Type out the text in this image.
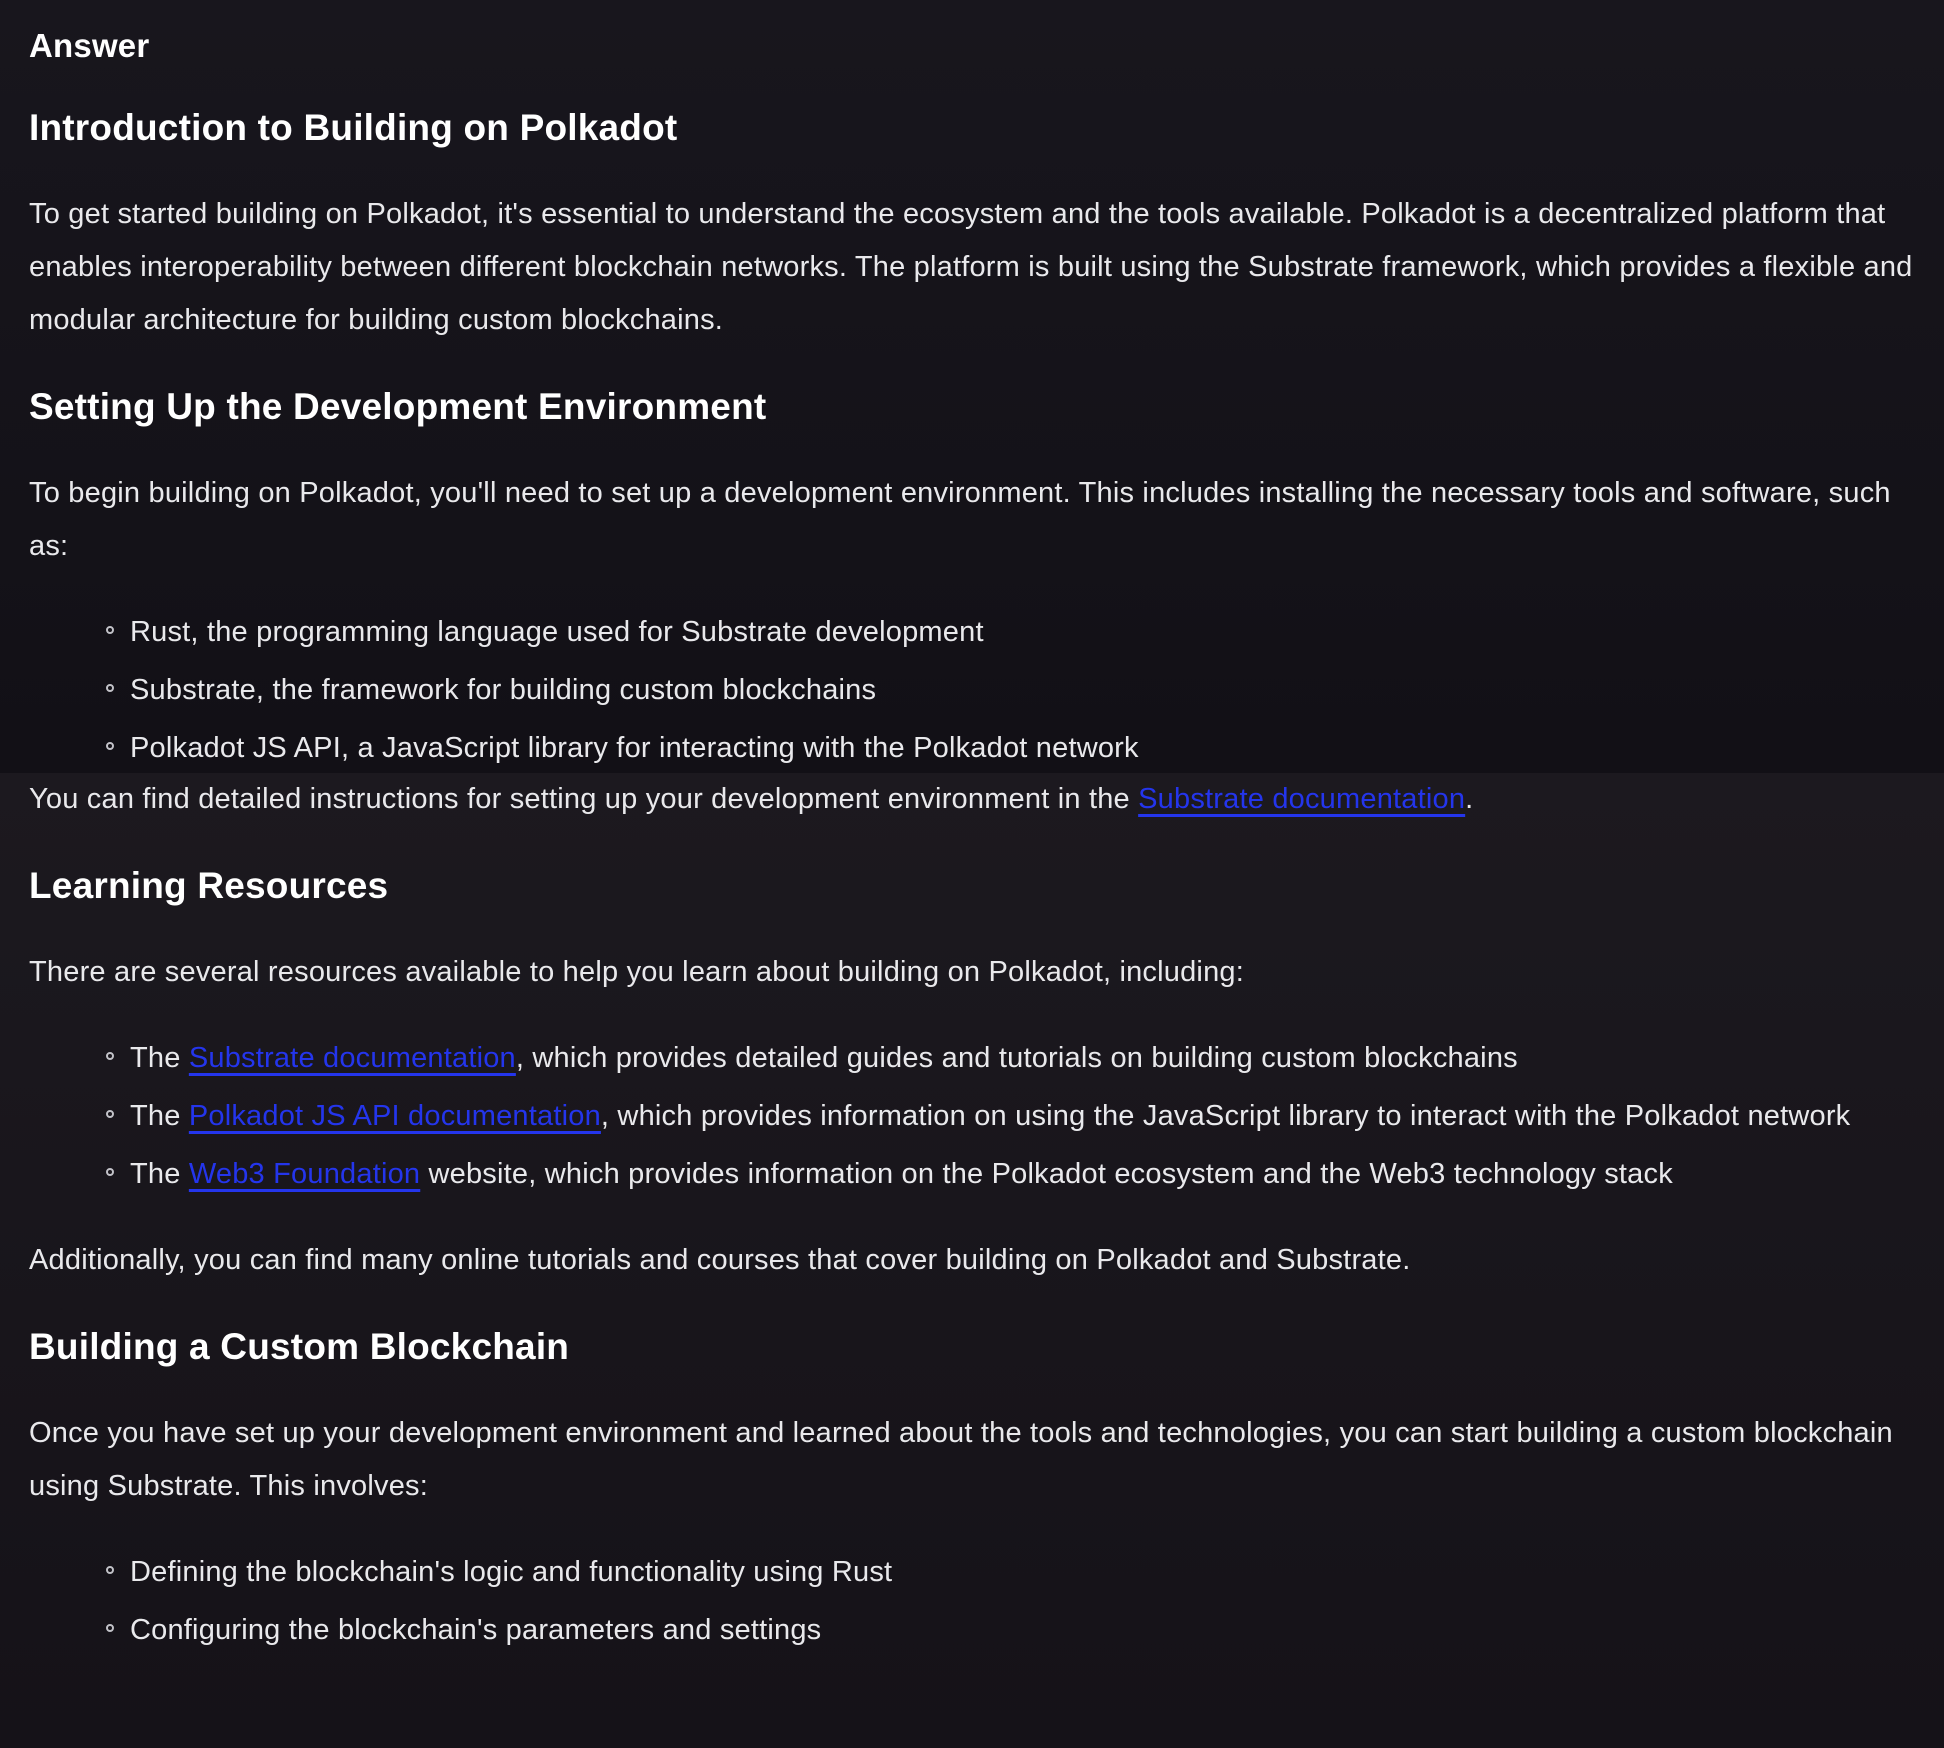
Answer
Introduction to Building on Polkadot

To get started building on Polkadot, it's essential to understand the ecosystem and the tools available. Polkadot is a decentralized platform that enables interoperability between different blockchain networks. The platform is built using the Substrate framework, which provides a flexible and modular architecture for building custom blockchains.

Setting Up the Development Environment

To begin building on Polkadot, you'll need to set up a development environment. This includes installing the necessary tools and software, such as:

Rust, the programming language used for Substrate development
Substrate, the framework for building custom blockchains
Polkadot JS API, a JavaScript library for interacting with the Polkadot network

You can find detailed instructions for setting up your development environment in the Substrate documentation.

Learning Resources

There are several resources available to help you learn about building on Polkadot, including:

The Substrate documentation, which provides detailed guides and tutorials on building custom blockchains
The Polkadot JS API documentation, which provides information on using the JavaScript library to interact with the Polkadot network
The Web3 Foundation website, which provides information on the Polkadot ecosystem and the Web3 technology stack

Additionally, you can find many online tutorials and courses that cover building on Polkadot and Substrate.

Building a Custom Blockchain

Once you have set up your development environment and learned about the tools and technologies, you can start building a custom blockchain using Substrate. This involves:

Defining the blockchain's logic and functionality using Rust
Configuring the blockchain's parameters and settings
